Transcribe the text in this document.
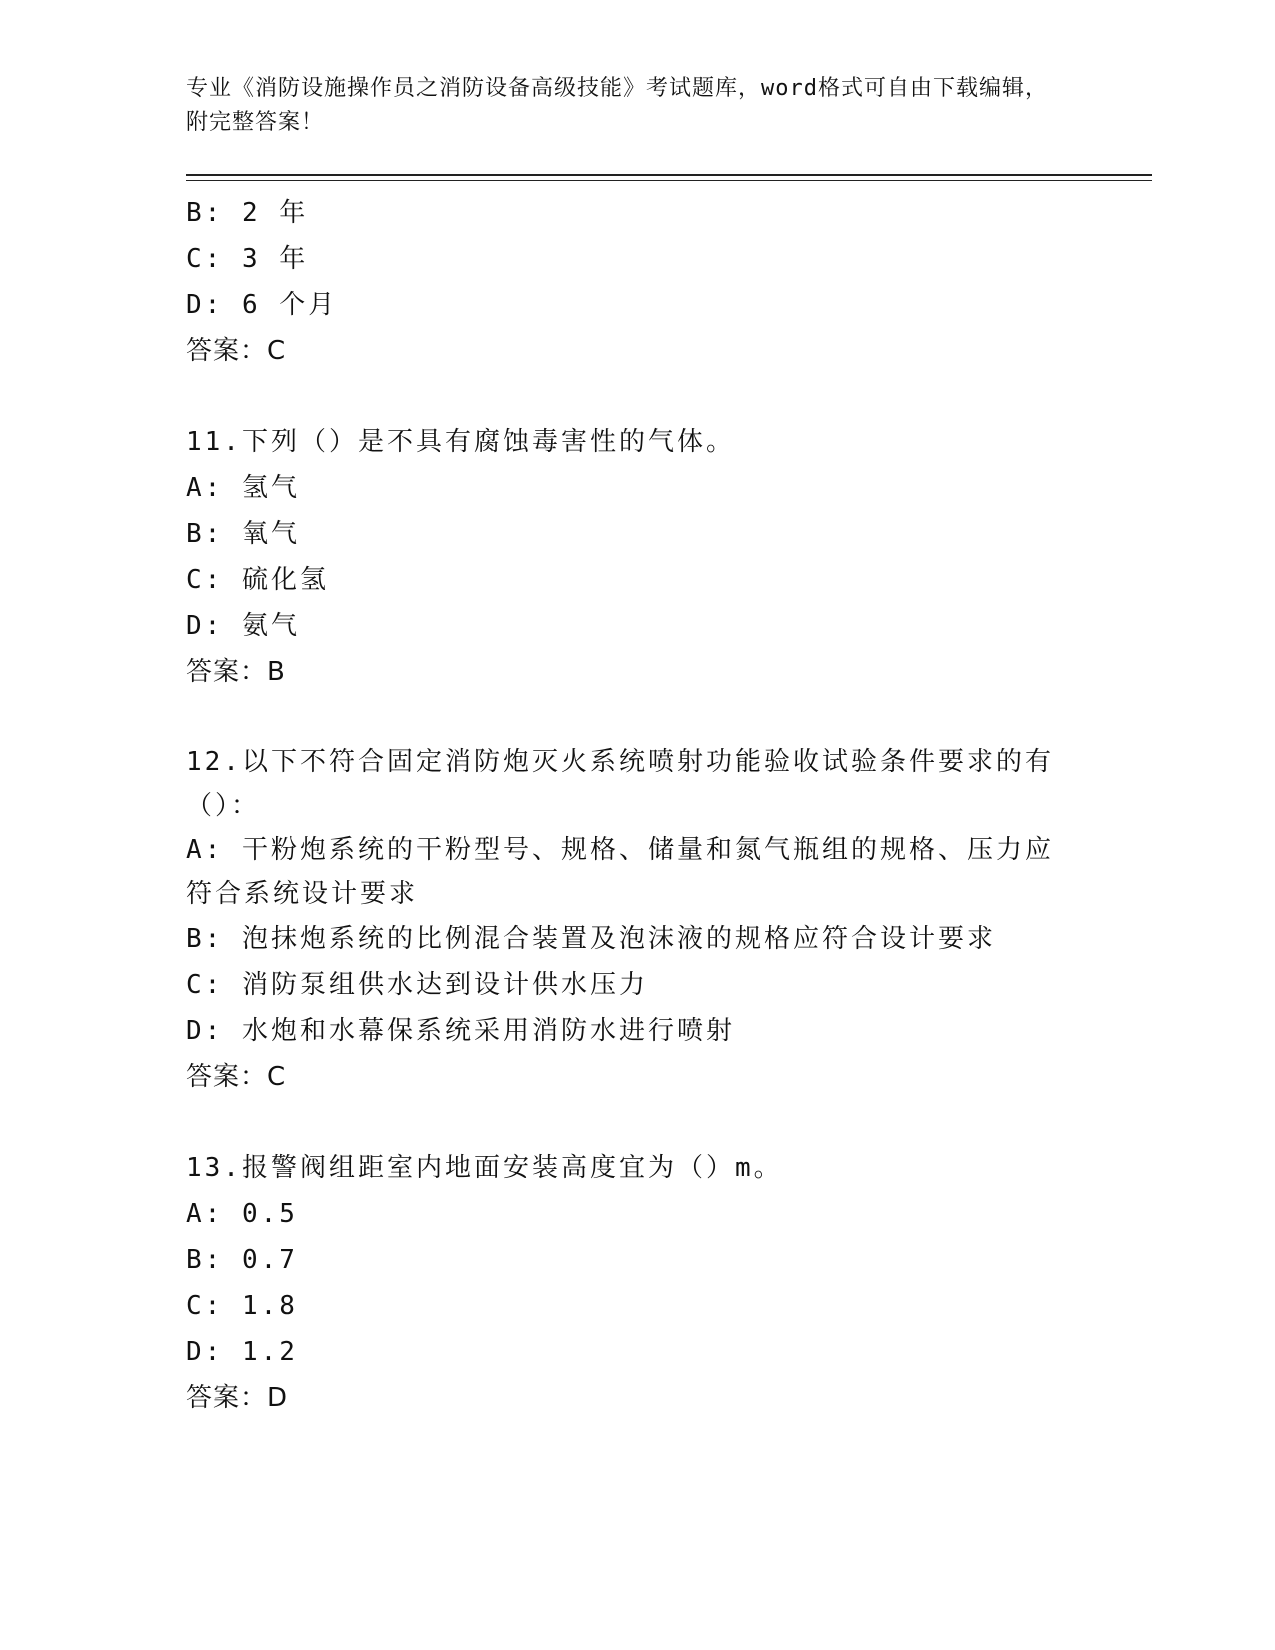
专业《消防设施操作员之消防设备高级技能》考试题库，word格式可自由下载编辑，附完整答案！
B: 2 年
C: 3 年
D: 6 个月
答案：C
11.下列（）是不具有腐蚀毒害性的气体。
A: 氢气
B: 氧气
C: 硫化氢
D: 氨气
答案：B
12.以下不符合固定消防炮灭火系统喷射功能验收试验条件要求的有（）：
A: 干粉炮系统的干粉型号、规格、储量和氮气瓶组的规格、压力应符合系统设计要求
B: 泡抹炮系统的比例混合装置及泡沫液的规格应符合设计要求
C: 消防泵组供水达到设计供水压力
D: 水炮和水幕保系统采用消防水进行喷射
答案：C
13.报警阀组距室内地面安装高度宜为（）m。
A: 0.5
B: 0.7
C: 1.8
D: 1.2
答案：D
